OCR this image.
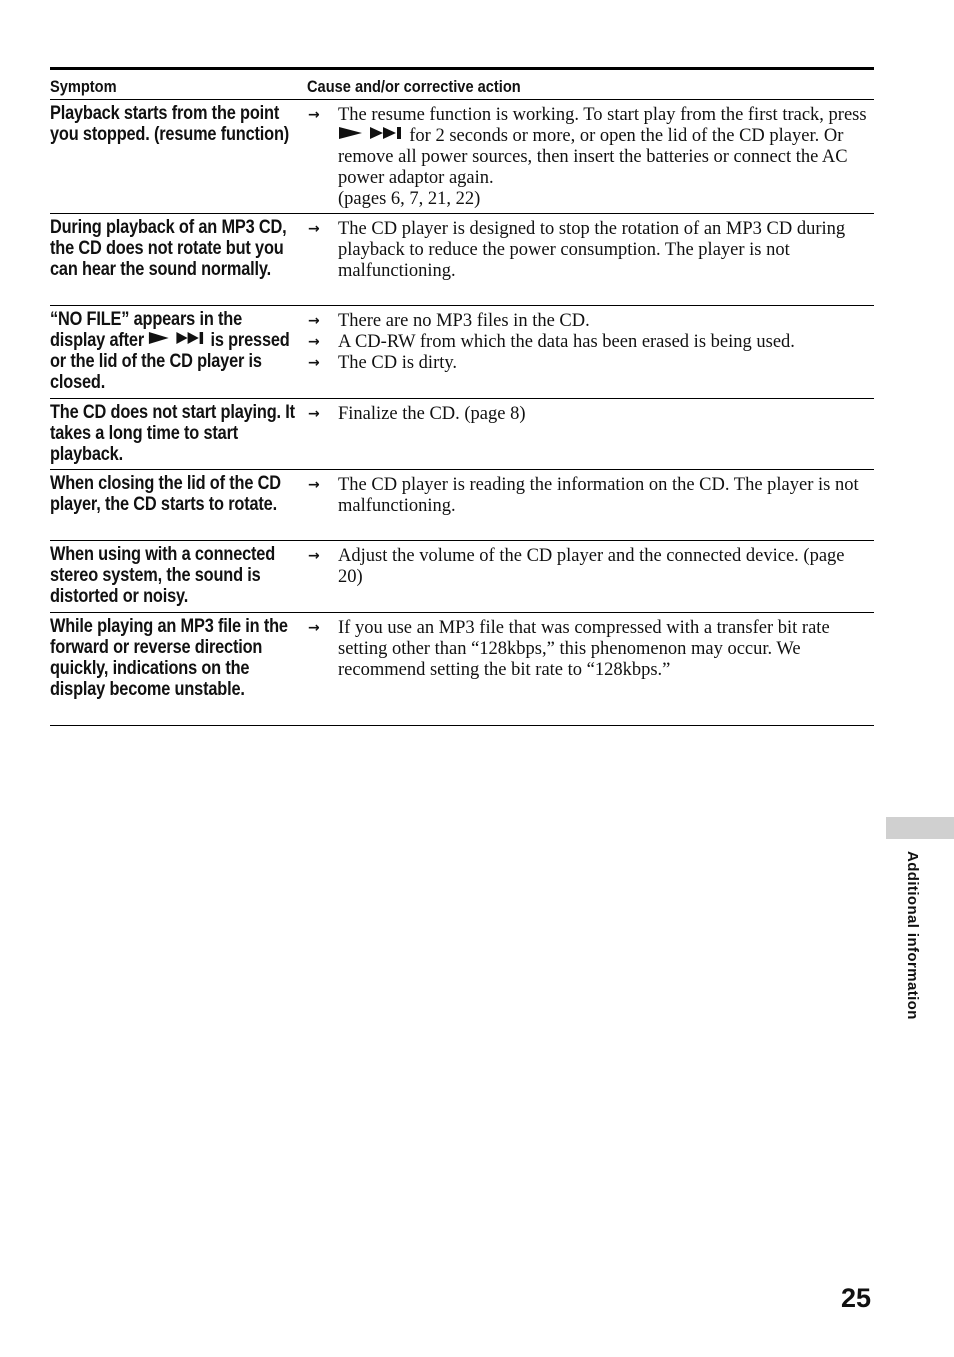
Symptom	Cause and/or corrective action
Playback starts from the point you stopped. (resume function)
→ The resume function is working. To start play from the first track, press   for 2 seconds or more, or open the lid of the CD player. Or remove all power sources, then insert the batteries or connect the AC power adaptor again.
(pages 6, 7, 21, 22)
During playback of an MP3 CD, the CD does not rotate but you can hear the sound normally.
→ The CD player is designed to stop the rotation of an MP3 CD during playback to reduce the power consumption. The player is not malfunctioning.
“NO FILE” appears in the display after	is pressed or the lid of the CD player is closed.
→ There are no MP3 files in the CD.
→ A CD-RW from which the data has been erased is being used.
→ The CD is dirty.
The CD does not start playing. It takes a long time to start playback.
→ Finalize the CD. (page 8)
When closing the lid of the CD player, the CD starts to rotate.
→ The CD player is reading the information on the CD. The player is not malfunctioning.
When using with a connected stereo system, the sound is distorted or noisy.
→ Adjust the volume of the CD player and the connected device. (page 20)
While playing an MP3 file in the forward or reverse direction quickly, indications on the display become unstable.
→ If you use an MP3 file that was compressed with a transfer bit rate setting other than “128kbps,” this phenomenon may occur. We recommend setting the bit rate to “128kbps.”
Additional information
25
